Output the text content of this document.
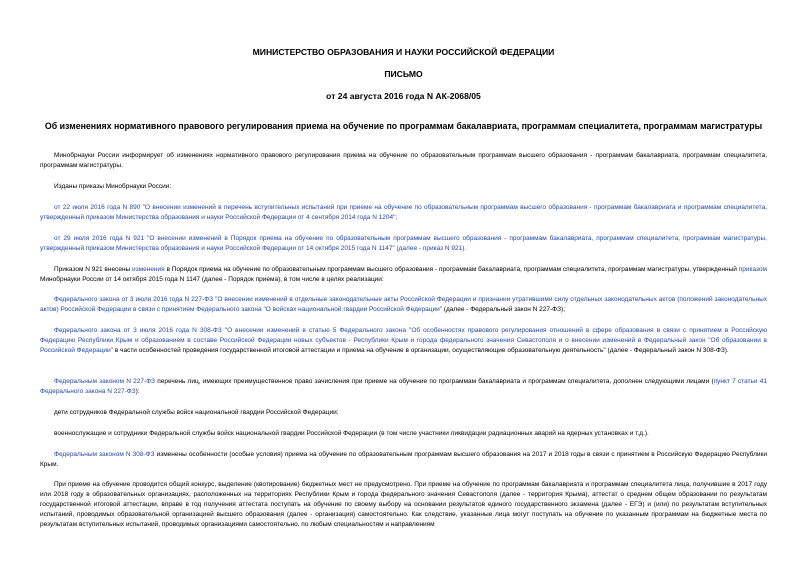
МИНИСТЕРСТВО ОБРАЗОВАНИЯ И НАУКИ РОССИЙСКОЙ ФЕДЕРАЦИИ
ПИСЬМО
от 24 августа 2016 года N АК-2068/05
Об изменениях нормативного правового регулирования приема на обучение по программам бакалавриата, программам специалитета, программам магистратуры
Минобрнауки России информирует об изменениях нормативного правового регулирования приема на обучение по образовательным программам высшего образования - программам бакалавриата, программам специалитета, программам магистратуры.
Изданы приказы Минобрнауки России:
от 22 июля 2016 года N 890 "О внесении изменений в перечень вступительных испытаний при приеме на обучение по образовательным программам высшего образования - программам бакалавриата и программам специалитета, утвержденный приказом Министерства образования и науки Российской Федерации от 4 сентября 2014 года N 1204";
от 29 июля 2016 года N 921 "О внесении изменений в Порядок приема на обучение по образовательным программам высшего образования - программам бакалавриата, программам специалитета, программам магистратуры, утвержденный приказом Министерства образования и науки Российской Федерации от 14 октября 2015 года N 1147" (далее - приказ N 921).
Приказом N 921 внесены изменения в Порядок приема на обучение по образовательным программам высшего образования - программам бакалавриата, программам специалитета, программам магистратуры, утвержденный приказом Минобрнауки России от 14 октября 2015 года N 1147 (далее - Порядок приема), в том числе в целях реализации:
Федерального закона от 3 июля 2016 года N 227-ФЗ "О внесении изменений в отдельные законодательные акты Российской Федерации и признании утратившими силу отдельных законодательных актов (положений законодательных актов) Российской Федерации в связи с принятием Федерального закона "О войсках национальной гвардии Российской Федерации" (далее - Федеральный закон N 227-ФЗ);
Федерального закона от 3 июля 2016 года N 308-ФЗ "О внесении изменений в статью 5 Федерального закона "Об особенностях правового регулирования отношений в сфере образования в связи с принятием в Российскую Федерацию Республики Крым и образованием в составе Российской Федерации новых субъектов - Республики Крым и города федерального значения Севастополя и о внесении изменений в Федеральный закон "Об образовании в Российской Федерации" в части особенностей проведения государственной итоговой аттестации и приема на обучение в организации, осуществляющие образовательную деятельность" (далее - Федеральный закон N 308-ФЗ).
Федеральным законом N 227-ФЗ перечень лиц, имеющих преимущественное право зачисления при приеме на обучение по программам бакалавриата и программам специалитета, дополнен следующими лицами (пункт 7 статьи 41 Федерального закона N 227-ФЗ):
дети сотрудников Федеральной службы войск национальной гвардии Российской Федерации;
военнослужащие и сотрудники Федеральной службы войск национальной гвардии Российской Федерации (в том числе участники ликвидации радиационных аварий на ядерных установках и т.д.).
Федеральным законом N 308-ФЗ изменены особенности (особые условия) приема на обучение по образовательным программам высшего образования на 2017 и 2018 годы в связи с принятием в Российскую Федерацию Республики Крым.
При приеме на обучение проводится общий конкурс, выделение (квотирование) бюджетных мест не предусмотрено. При приеме на обучение по программам бакалавриата и программам специалитета лица, получившие в 2017 году или 2018 году в образовательных организациях, расположенных на территориях Республики Крым и города федерального значения Севастополя (далее - территория Крыма), аттестат о среднем общем образовании по результатам государственной итоговой аттестации, вправе в год получения аттестата поступать на обучение по своему выбору на основании результатов единого государственного экзамена (далее - ЕГЭ) и (или) по результатам вступительных испытаний, проводимых образовательной организацией высшего образования (далее - организация) самостоятельно. Как следствие, указанные лица могут поступать на обучение по указанным программам на бюджетные места по результатам вступительных испытаний, проводимых организациями самостоятельно, по любым специальностям и направлениям
